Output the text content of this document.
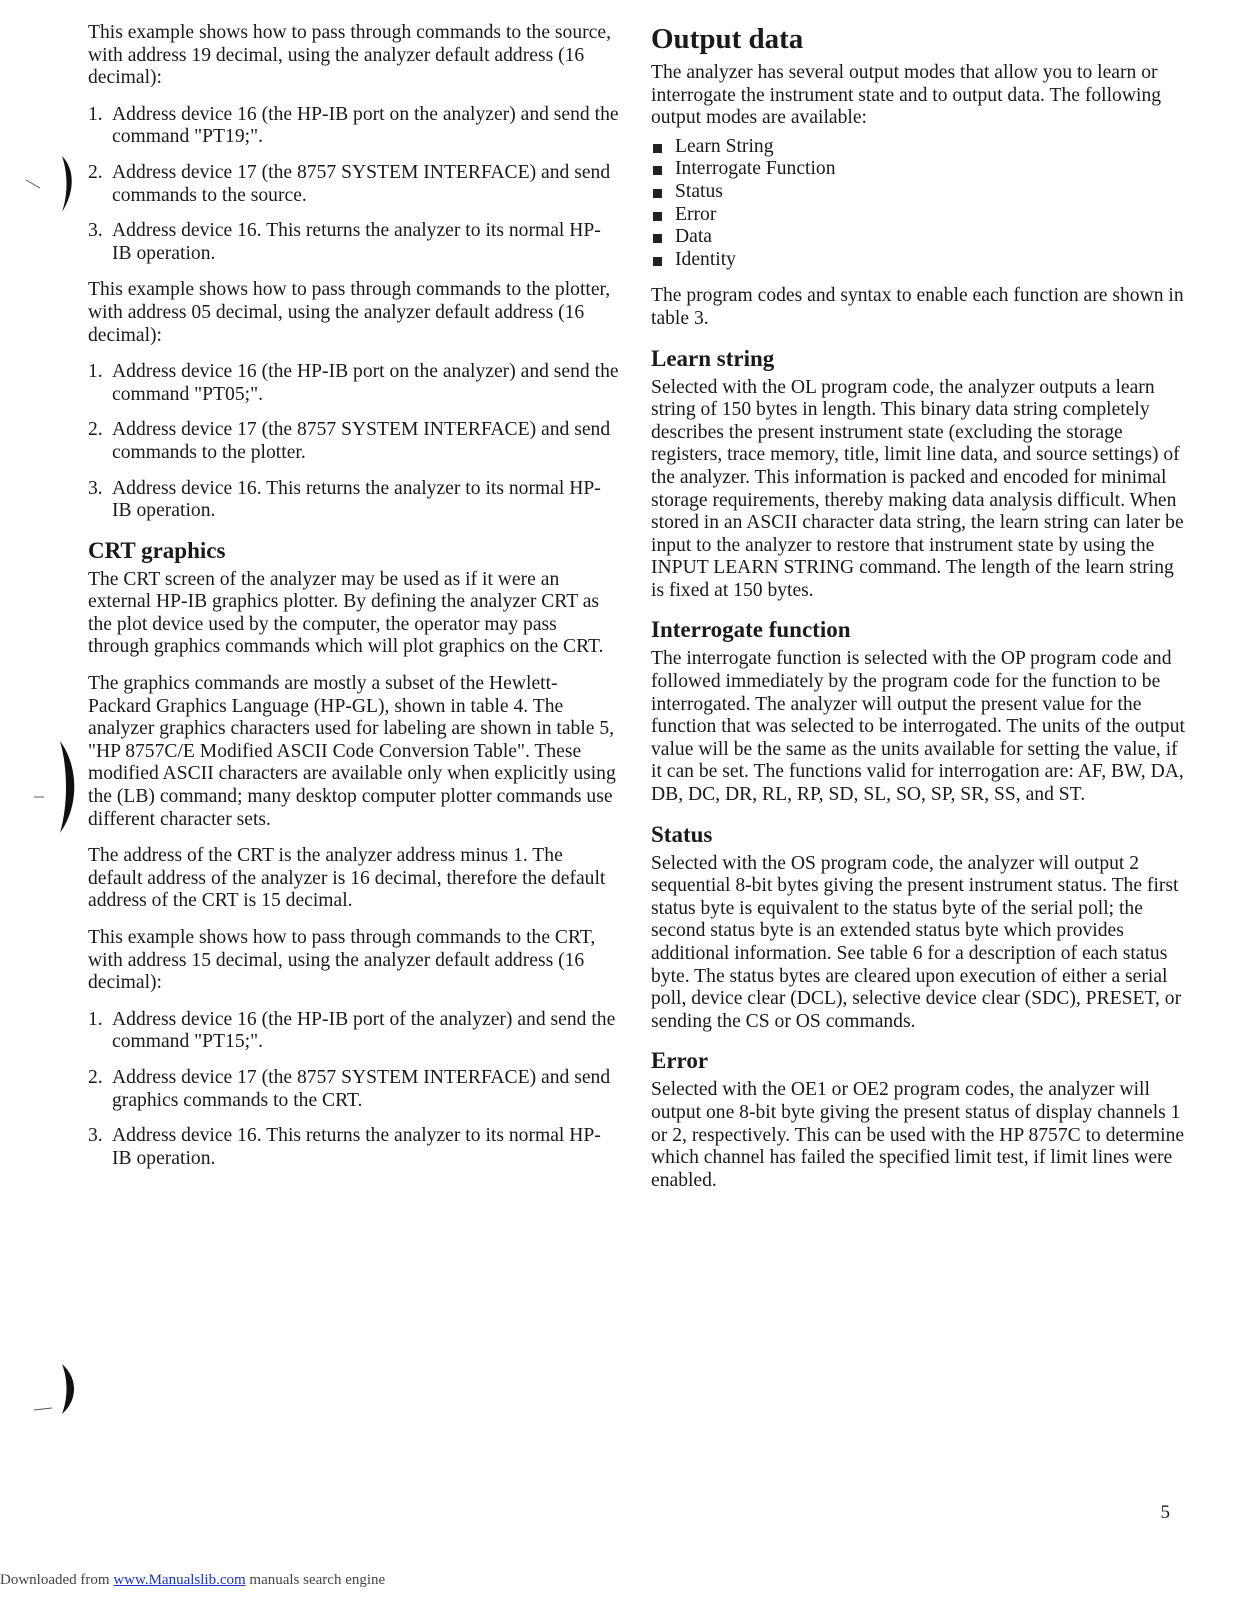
This example shows how to pass through commands to the source, with address 19 decimal, using the analyzer default address (16 decimal):

1. Address device 16 (the HP-IB port on the analyzer) and send the command "PT19;".
2. Address device 17 (the 8757 SYSTEM INTERFACE) and send commands to the source.
3. Address device 16. This returns the analyzer to its normal HP-IB operation.

This example shows how to pass through commands to the plotter, with address 05 decimal, using the analyzer default address (16 decimal):

1. Address device 16 (the HP-IB port on the analyzer) and send the command "PT05;".
2. Address device 17 (the 8757 SYSTEM INTERFACE) and send commands to the plotter.
3. Address device 16. This returns the analyzer to its normal HP-IB operation.
CRT graphics

The CRT screen of the analyzer may be used as if it were an external HP-IB graphics plotter. By defining the analyzer CRT as the plot device used by the computer, the operator may pass through graphics commands which will plot graphics on the CRT.

The graphics commands are mostly a subset of the Hewlett-Packard Graphics Language (HP-GL), shown in table 4. The analyzer graphics characters used for labeling are shown in table 5, "HP 8757C/E Modified ASCII Code Conversion Table". These modified ASCII characters are available only when explicitly using the (LB) command; many desktop computer plotter commands use different character sets.

The address of the CRT is the analyzer address minus 1. The default address of the analyzer is 16 decimal, therefore the default address of the CRT is 15 decimal.

This example shows how to pass through commands to the CRT, with address 15 decimal, using the analyzer default address (16 decimal):

1. Address device 16 (the HP-IB port of the analyzer) and send the command "PT15;".
2. Address device 17 (the 8757 SYSTEM INTERFACE) and send graphics commands to the CRT.
3. Address device 16. This returns the analyzer to its normal HP-IB operation.
Output data

The analyzer has several output modes that allow you to learn or interrogate the instrument state and to output data. The following output modes are available:

Learn String
Interrogate Function
Status
Error
Data
Identity

The program codes and syntax to enable each function are shown in table 3.

Learn string

Selected with the OL program code, the analyzer outputs a learn string of 150 bytes in length. This binary data string completely describes the present instrument state (excluding the storage registers, trace memory, title, limit line data, and source settings) of the analyzer. This information is packed and encoded for minimal storage requirements, thereby making data analysis difficult. When stored in an ASCII character data string, the learn string can later be input to the analyzer to restore that instrument state by using the INPUT LEARN STRING command. The length of the learn string is fixed at 150 bytes.

Interrogate function

The interrogate function is selected with the OP program code and followed immediately by the program code for the function to be interrogated. The analyzer will output the present value for the function that was selected to be interrogated. The units of the output value will be the same as the units available for setting the value, if it can be set. The functions valid for interrogation are: AF, BW, DA, DB, DC, DR, RL, RP, SD, SL, SO, SP, SR, SS, and ST.

Status

Selected with the OS program code, the analyzer will output 2 sequential 8-bit bytes giving the present instrument status. The first status byte is equivalent to the status byte of the serial poll; the second status byte is an extended status byte which provides additional information. See table 6 for a description of each status byte. The status bytes are cleared upon execution of either a serial poll, device clear (DCL), selective device clear (SDC), PRESET, or sending the CS or OS commands.

Error

Selected with the OE1 or OE2 program codes, the analyzer will output one 8-bit byte giving the present status of display channels 1 or 2, respectively. This can be used with the HP 8757C to determine which channel has failed the specified limit test, if limit lines were enabled.

5
Downloaded from www.Manualslib.com manuals search engine
